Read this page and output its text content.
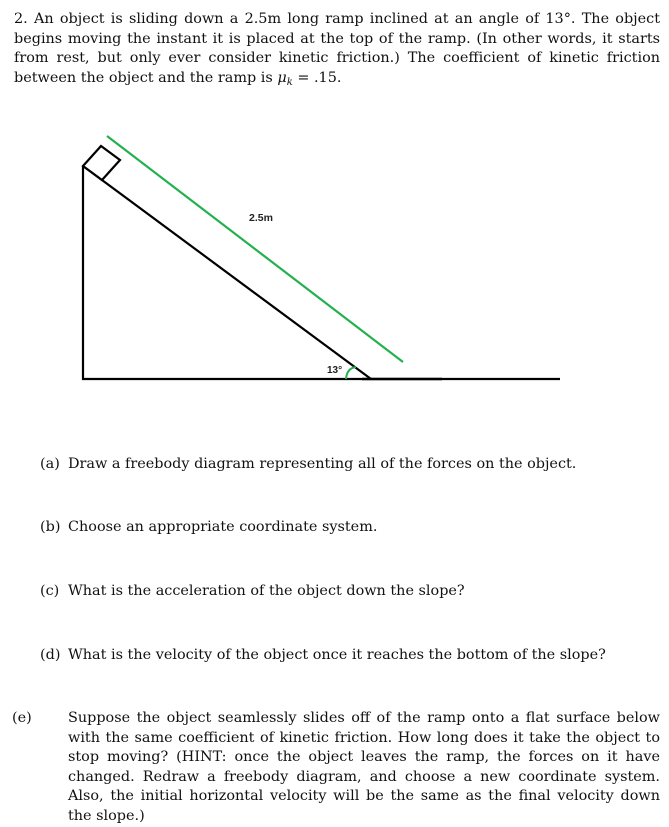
2. An object is sliding down a 2.5m long ramp inclined at an angle of 13°. The object begins moving the instant it is placed at the top of the ramp. (In other words, it starts from rest, but only ever consider kinetic friction.) The coefficient of kinetic friction between the object and the ramp is $\mu_k = .15$.
2.5m
13°
(a) Draw a freebody diagram representing all of the forces on the object.
(b) Choose an appropriate coordinate system.
(c) What is the acceleration of the object down the slope?
(d) What is the velocity of the object once it reaches the bottom of the slope?
(e)	Suppose the object seamlessly slides off of the ramp onto a flat surface below with the same coefficient of kinetic friction. How long does it take the object to stop moving? (HINT: once the object leaves the ramp, the forces on it have changed. Redraw a freebody diagram, and choose a new coordinate system. Also, the initial horizontal velocity will be the same as the final velocity down the slope.)
